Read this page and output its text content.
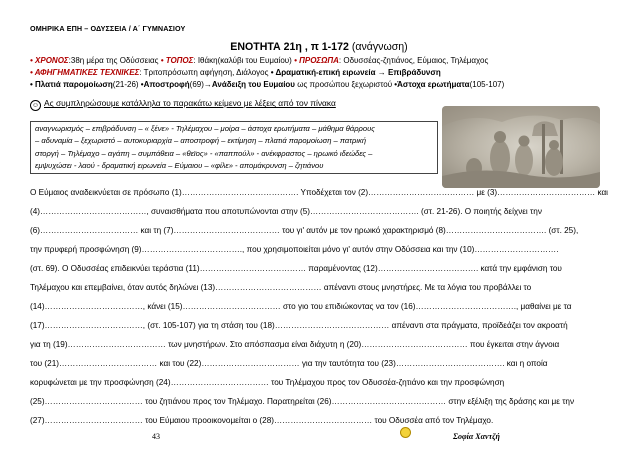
ΟΜΗΡΙΚΑ ΕΠΗ – ΟΔΥΣΣΕΙΑ / Α΄ ΓΥΜΝΑΣΙΟΥ
ΕΝΟΤΗΤΑ 21η , π 1-172 (ανάγνωση)
• ΧΡΟΝΟΣ:38η μέρα της Οδύσσειας • ΤΟΠΟΣ: Ιθάκη(καλύβι του Ευμαίου) • ΠΡΟΣΩΠΑ: Οδυσσέας-ζητιάνος, Εύμαιος, Τηλέμαχος
• ΑΦΗΓΗΜΑΤΙΚΕΣ ΤΕΧΝΙΚΕΣ: Τριτοπρόσωπη αφήγηση, Διάλογος • Δραματική-επική ειρωνεία → Επιβράδυνση
• Πλατιά παρομοίωση(21-26) •Αποστροφή(69)→Ανάδειξη του Ευμαίου ως προσώπου ξεχωριστού •Άστοχα ερωτήματα(105-107)
☺ Ας συμπληρώσουμε κατάλληλα το παρακάτω κείμενο με λέξεις από τον πίνακα
αναγνωρισμός – επιβράδυνση – « ξένε» - Τηλέμαχου – μοίρα – άστοχα ερωτήματα – μάθημα θάρρους
– αδυναμία – ξεχωριστό – αυτοκυριαρχία – αποστροφή – εκτίμηση – πλατιά παρομοίωση – πατρική
στοργή – Τηλέμαχο – αγάπη – συμπάθεια – «θεϊος» - «παππούλ» - ανέκφραστος – ηρωικό ιδεώδες –
εμψυχώσει - λαού - δραματική ειρωνεία – Εύμαιου – «φίλε» - απομάκρυνση – ζητιάνου
Ο Εύμαιος αναδεικνύεται σε πρόσωπο (1)……………………………………. Υποδέχεται τον (2)………………………………… με (3)……………………………… και
(4)…………………………………, συναισθήματα που αποτυπώνονται στην (5)…………………………………. (στ. 21-26). Ο ποιητής δείχνει την
(6)……………………………… και τη (7)………………………………… του γι' αυτόν με τον ηρωικό χαρακτηρισμό (8)………………………………. (στ. 25),
την πρυφερή προσφώνηση (9)………………………………., που χρησιμοποιείται μόνο γι' αυτόν στην Οδύσσεια και την (10)………………………….
(στ. 69). Ο Οδυσσέας επιδεικνύει τεράστια (11)………………………………… παραμένοντας (12)………………………………. κατά την εμφάνιση του
Τηλέμαχου και επεμβαίνει, όταν αυτός δηλώνει (13)………………………………… απέναντι στους μνηστήρες. Με τα λόγια του προβάλλει το
(14)………………………………, κάνει (15)……………………………… στο γιο του επιδιώκοντας να τον (16)………………………………., μαθαίνει με τα
(17)………………………………, (στ. 105-107) για τη στάση του (18)…………………………………… απέναντι στα πράγματα, προϊδεάζει τον ακροατή
για τη (19)……………………………… των μνηστήρων. Στο απόσπασμα είναι διάχυτη η (20)………………………………… που έγκειται στην άγνοια
του (21)……………………………… και του (22)……………………………… για την ταυτότητα του (23)…………………………………. και η οποία
κορυφώνεται με την προσφώνηση (24)……………………………… του Τηλέμαχου προς τον Οδυσσέα-ζητιάνο και την προσφώνηση
(25)……………………………… του ζητιάνου προς τον Τηλέμαχο. Παρατηρείται (26)…………………………………… στην εξέλιξη της δράσης και με την
(27)……………………………… του Εύμαιου προοικονομείται ο (28)……………………………… του Οδυσσέα από τον Τηλέμαχο.
43	Σοφία Χαντζή
